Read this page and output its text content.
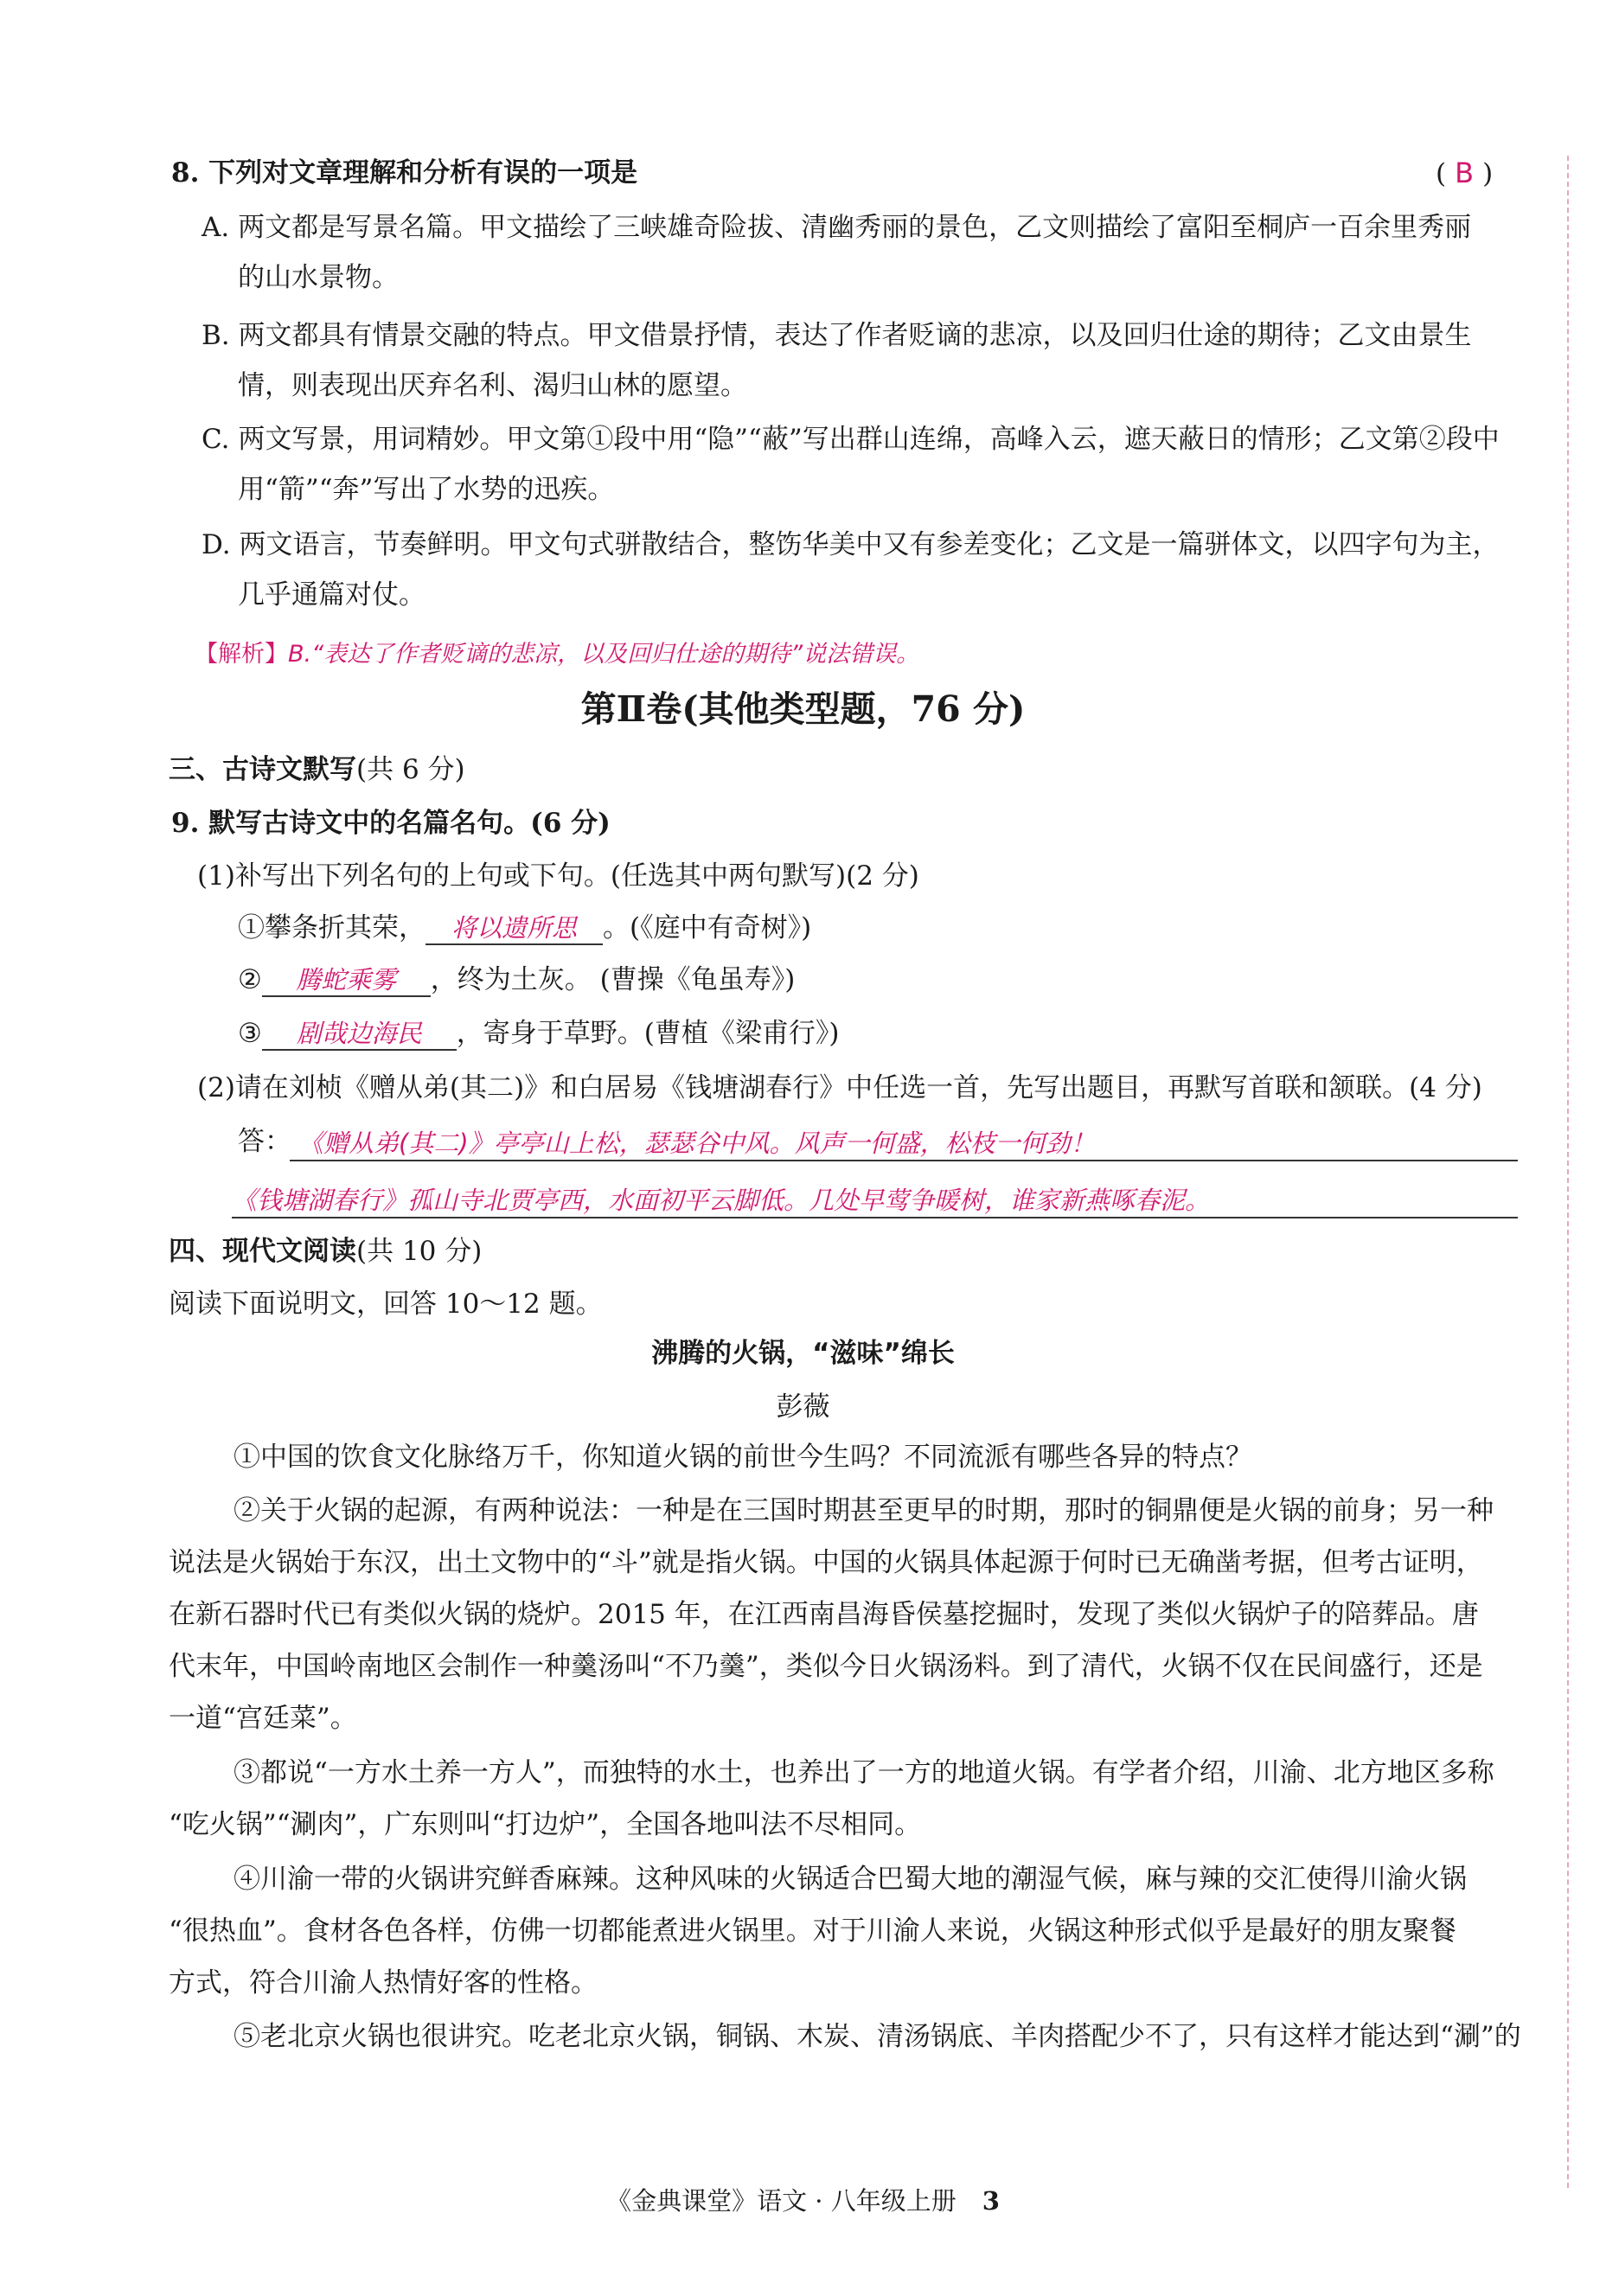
8. 下列对文章理解和分析有误的一项是	( B )
A. 两文都是写景名篇。甲文描绘了三峡雄奇险拔、清幽秀丽的景色，乙文则描绘了富阳至桐庐一百余里秀丽
的山水景物。
B. 两文都具有情景交融的特点。甲文借景抒情，表达了作者贬谪的悲凉，以及回归仕途的期待；乙文由景生
情，则表现出厌弃名利、渴归山林的愿望。
C. 两文写景，用词精妙。甲文第①段中用“隐”“蔽”写出群山连绵，高峰入云，遮天蔽日的情形；乙文第②段中
用“箭”“奔”写出了水势的迅疾。
D. 两文语言，节奏鲜明。甲文句式骈散结合，整饬华美中又有参差变化；乙文是一篇骈体文，以四字句为主，
几乎通篇对仗。
【解析】B.“表达了作者贬谪的悲凉，以及回归仕途的期待”说法错误。
第Ⅱ卷(其他类型题，76 分)
三、古诗文默写(共 6 分)
9. 默写古诗文中的名篇名句。(6 分)
(1)补写出下列名句的上句或下句。(任选其中两句默写)(2 分)
①攀条折其荣， 将以遗所思 。(《庭中有奇树》)
② 腾蛇乘雾 ，终为土灰。 (曹操《龟虽寿》)
③ 剧哉边海民 ，寄身于草野。(曹植《梁甫行》)
(2)请在刘桢《赠从弟(其二)》和白居易《钱塘湖春行》中任选一首，先写出题目，再默写首联和颔联。(4 分)
答： 《赠从弟(其二)》亭亭山上松，瑟瑟谷中风。风声一何盛，松枝一何劲！
《钱塘湖春行》孤山寺北贾亭西，水面初平云脚低。几处早莺争暖树，谁家新燕啄春泥。
四、现代文阅读(共 10 分)
阅读下面说明文，回答 10～12 题。
沸腾的火锅，“滋味”绵长
彭薇
①中国的饮食文化脉络万千，你知道火锅的前世今生吗？不同流派有哪些各异的特点？
②关于火锅的起源，有两种说法：一种是在三国时期甚至更早的时期，那时的铜鼎便是火锅的前身；另一种
说法是火锅始于东汉，出土文物中的“斗”就是指火锅。中国的火锅具体起源于何时已无确凿考据，但考古证明，
在新石器时代已有类似火锅的烧炉。2015 年，在江西南昌海昏侯墓挖掘时，发现了类似火锅炉子的陪葬品。唐
代末年，中国岭南地区会制作一种羹汤叫“不乃羹”，类似今日火锅汤料。到了清代，火锅不仅在民间盛行，还是
一道“宫廷菜”。
③都说“一方水土养一方人”，而独特的水土，也养出了一方的地道火锅。有学者介绍，川渝、北方地区多称
“吃火锅”“涮肉”，广东则叫“打边炉”，全国各地叫法不尽相同。
④川渝一带的火锅讲究鲜香麻辣。这种风味的火锅适合巴蜀大地的潮湿气候，麻与辣的交汇使得川渝火锅
“很热血”。食材各色各样，仿佛一切都能煮进火锅里。对于川渝人来说，火锅这种形式似乎是最好的朋友聚餐
方式，符合川渝人热情好客的性格。
⑤老北京火锅也很讲究。吃老北京火锅，铜锅、木炭、清汤锅底、羊肉搭配少不了，只有这样才能达到“涮”的
《金典课堂》语文 · 八年级上册 3
